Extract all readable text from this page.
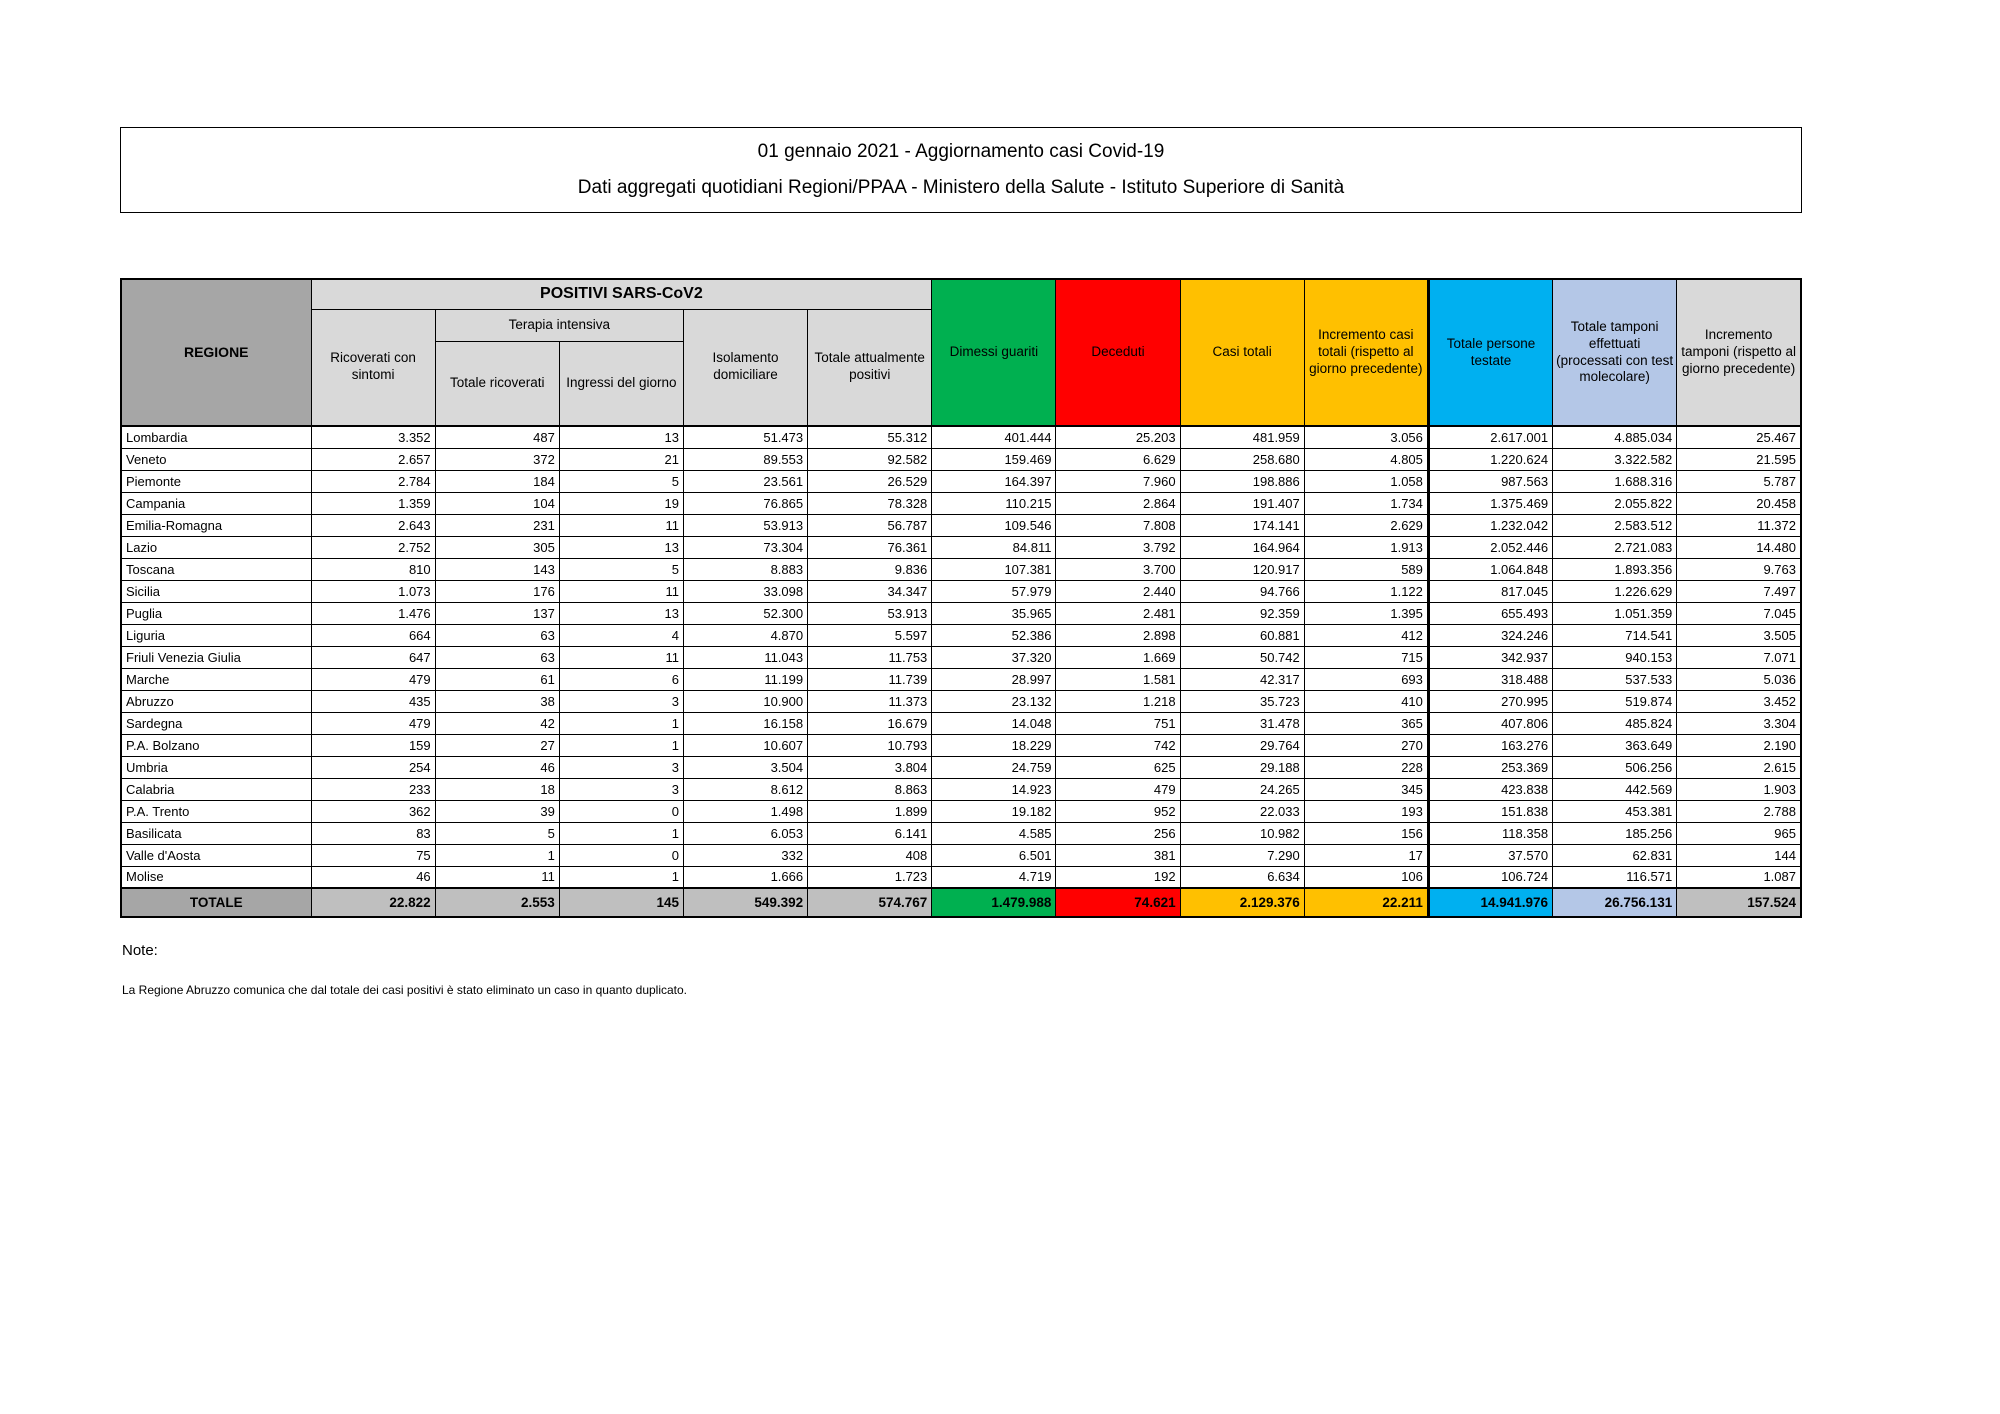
01 gennaio 2021 - Aggiornamento casi Covid-19
Dati aggregati quotidiani Regioni/PPAA - Ministero della Salute - Istituto Superiore di Sanità
REGIONE	POSITIVI SARS-CoV2					Dimessi guariti	Deceduti	Casi totali	Incremento casi totali (rispetto al giorno precedente)	Totale persone testate	Totale tamponi effettuati (processati con test molecolare)	Incremento tamponi (rispetto al giorno precedente)
	Ricoverati con sintomi	Terapia intensiva		Isolamento domiciliare	Totale attualmente positivi							
		Totale ricoverati	Ingressi del giorno									
Lombardia	3.352	487	13	51.473	55.312	401.444	25.203	481.959	3.056	2.617.001	4.885.034	25.467
Veneto	2.657	372	21	89.553	92.582	159.469	6.629	258.680	4.805	1.220.624	3.322.582	21.595
Piemonte	2.784	184	5	23.561	26.529	164.397	7.960	198.886	1.058	987.563	1.688.316	5.787
Campania	1.359	104	19	76.865	78.328	110.215	2.864	191.407	1.734	1.375.469	2.055.822	20.458
Emilia-Romagna	2.643	231	11	53.913	56.787	109.546	7.808	174.141	2.629	1.232.042	2.583.512	11.372
Lazio	2.752	305	13	73.304	76.361	84.811	3.792	164.964	1.913	2.052.446	2.721.083	14.480
Toscana	810	143	5	8.883	9.836	107.381	3.700	120.917	589	1.064.848	1.893.356	9.763
Sicilia	1.073	176	11	33.098	34.347	57.979	2.440	94.766	1.122	817.045	1.226.629	7.497
Puglia	1.476	137	13	52.300	53.913	35.965	2.481	92.359	1.395	655.493	1.051.359	7.045
Liguria	664	63	4	4.870	5.597	52.386	2.898	60.881	412	324.246	714.541	3.505
Friuli Venezia Giulia	647	63	11	11.043	11.753	37.320	1.669	50.742	715	342.937	940.153	7.071
Marche	479	61	6	11.199	11.739	28.997	1.581	42.317	693	318.488	537.533	5.036
Abruzzo	435	38	3	10.900	11.373	23.132	1.218	35.723	410	270.995	519.874	3.452
Sardegna	479	42	1	16.158	16.679	14.048	751	31.478	365	407.806	485.824	3.304
P.A. Bolzano	159	27	1	10.607	10.793	18.229	742	29.764	270	163.276	363.649	2.190
Umbria	254	46	3	3.504	3.804	24.759	625	29.188	228	253.369	506.256	2.615
Calabria	233	18	3	8.612	8.863	14.923	479	24.265	345	423.838	442.569	1.903
P.A. Trento	362	39	0	1.498	1.899	19.182	952	22.033	193	151.838	453.381	2.788
Basilicata	83	5	1	6.053	6.141	4.585	256	10.982	156	118.358	185.256	965
Valle d'Aosta	75	1	0	332	408	6.501	381	7.290	17	37.570	62.831	144
Molise	46	11	1	1.666	1.723	4.719	192	6.634	106	106.724	116.571	1.087
TOTALE	22.822	2.553	145	549.392	574.767	1.479.988	74.621	2.129.376	22.211	14.941.976	26.756.131	157.524
Note:
La Regione Abruzzo comunica che dal totale dei casi positivi è stato eliminato un caso in quanto duplicato.
